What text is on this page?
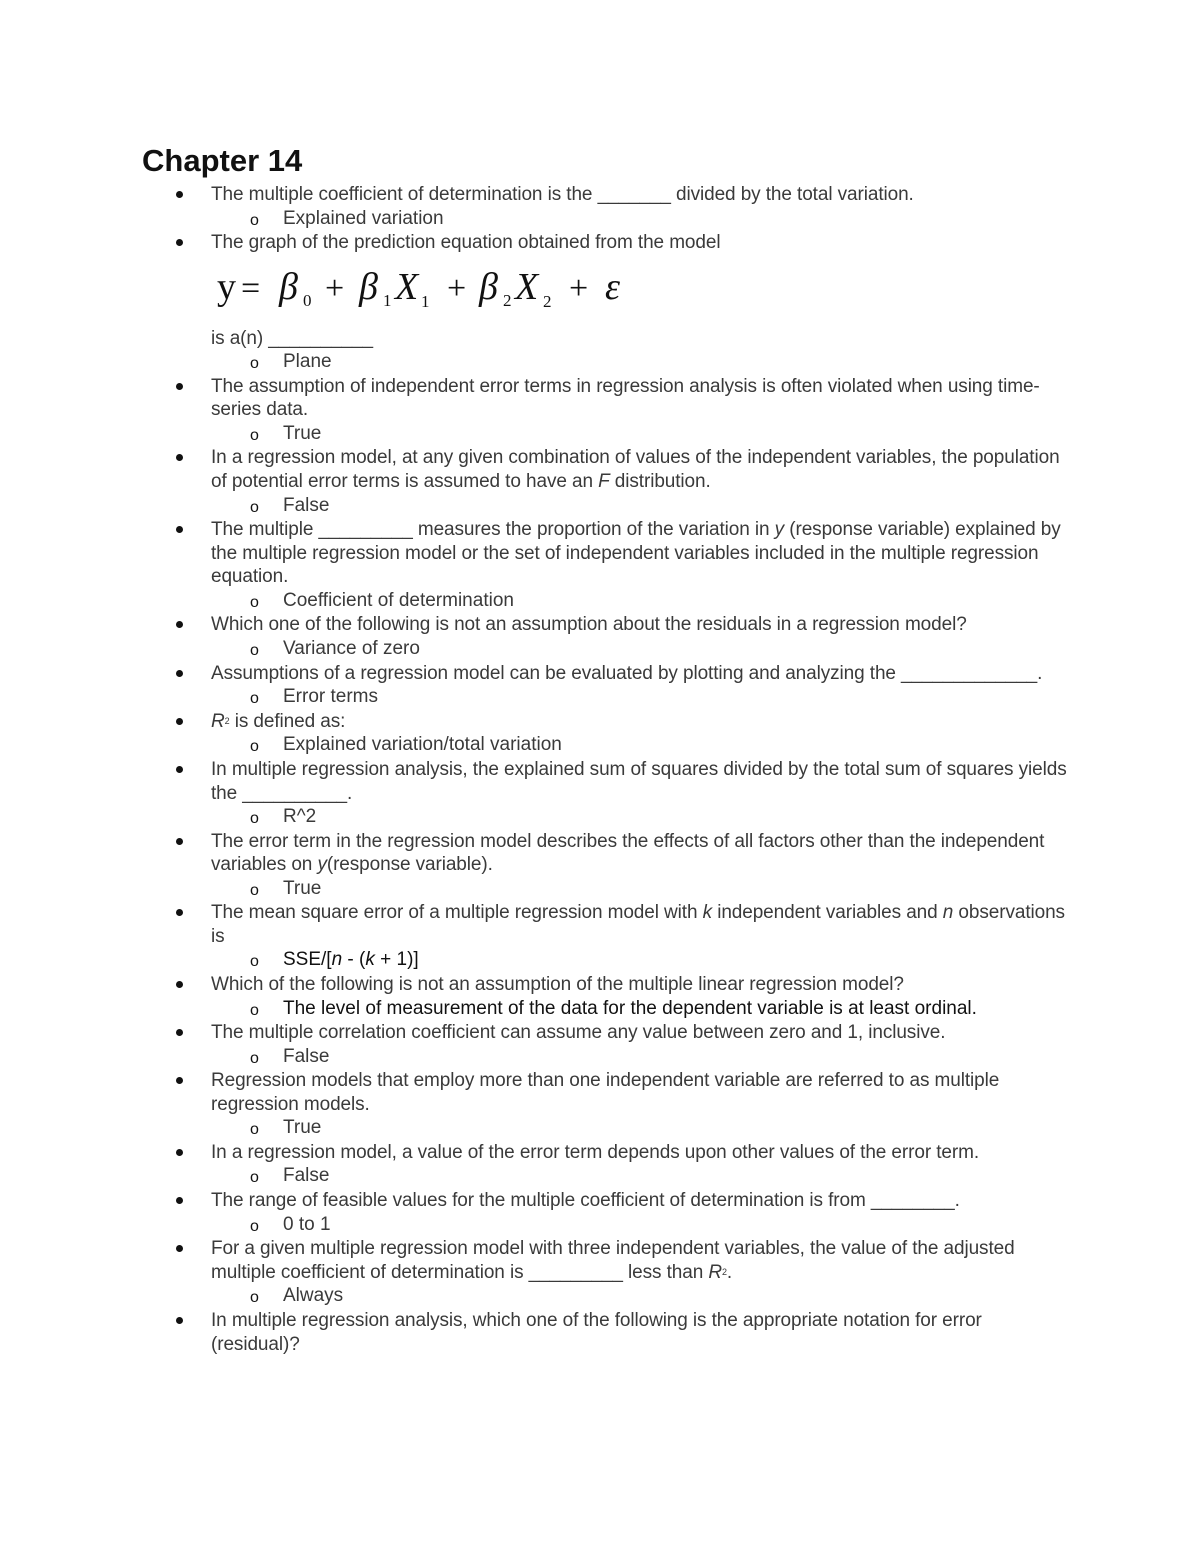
Chapter 14
The multiple coefficient of determination is the _______ divided by the total variation.
o Explained variation
The graph of the prediction equation obtained from the model
y = β 0 + β 1 X 1 + β 2 X 2 + ε
is a(n) __________
o Plane
The assumption of independent error terms in regression analysis is often violated when using time-series data.
o True
In a regression model, at any given combination of values of the independent variables, the population of potential error terms is assumed to have an F distribution.
o False
The multiple _________ measures the proportion of the variation in y (response variable) explained by the multiple regression model or the set of independent variables included in the multiple regression equation.
o Coefficient of determination
Which one of the following is not an assumption about the residuals in a regression model?
o Variance of zero
Assumptions of a regression model can be evaluated by plotting and analyzing the _____________.
o Error terms
R2 is defined as:
o Explained variation/total variation
In multiple regression analysis, the explained sum of squares divided by the total sum of squares yields the __________.
o R^2
The error term in the regression model describes the effects of all factors other than the independent variables on y(response variable).
o True
The mean square error of a multiple regression model with k independent variables and n observations is
o SSE/[n - (k + 1)]
Which of the following is not an assumption of the multiple linear regression model?
o The level of measurement of the data for the dependent variable is at least ordinal.
The multiple correlation coefficient can assume any value between zero and 1, inclusive.
o False
Regression models that employ more than one independent variable are referred to as multiple regression models.
o True
In a regression model, a value of the error term depends upon other values of the error term.
o False
The range of feasible values for the multiple coefficient of determination is from ________.
o 0 to 1
For a given multiple regression model with three independent variables, the value of the adjusted multiple coefficient of determination is _________ less than R2.
o Always
In multiple regression analysis, which one of the following is the appropriate notation for error (residual)?
